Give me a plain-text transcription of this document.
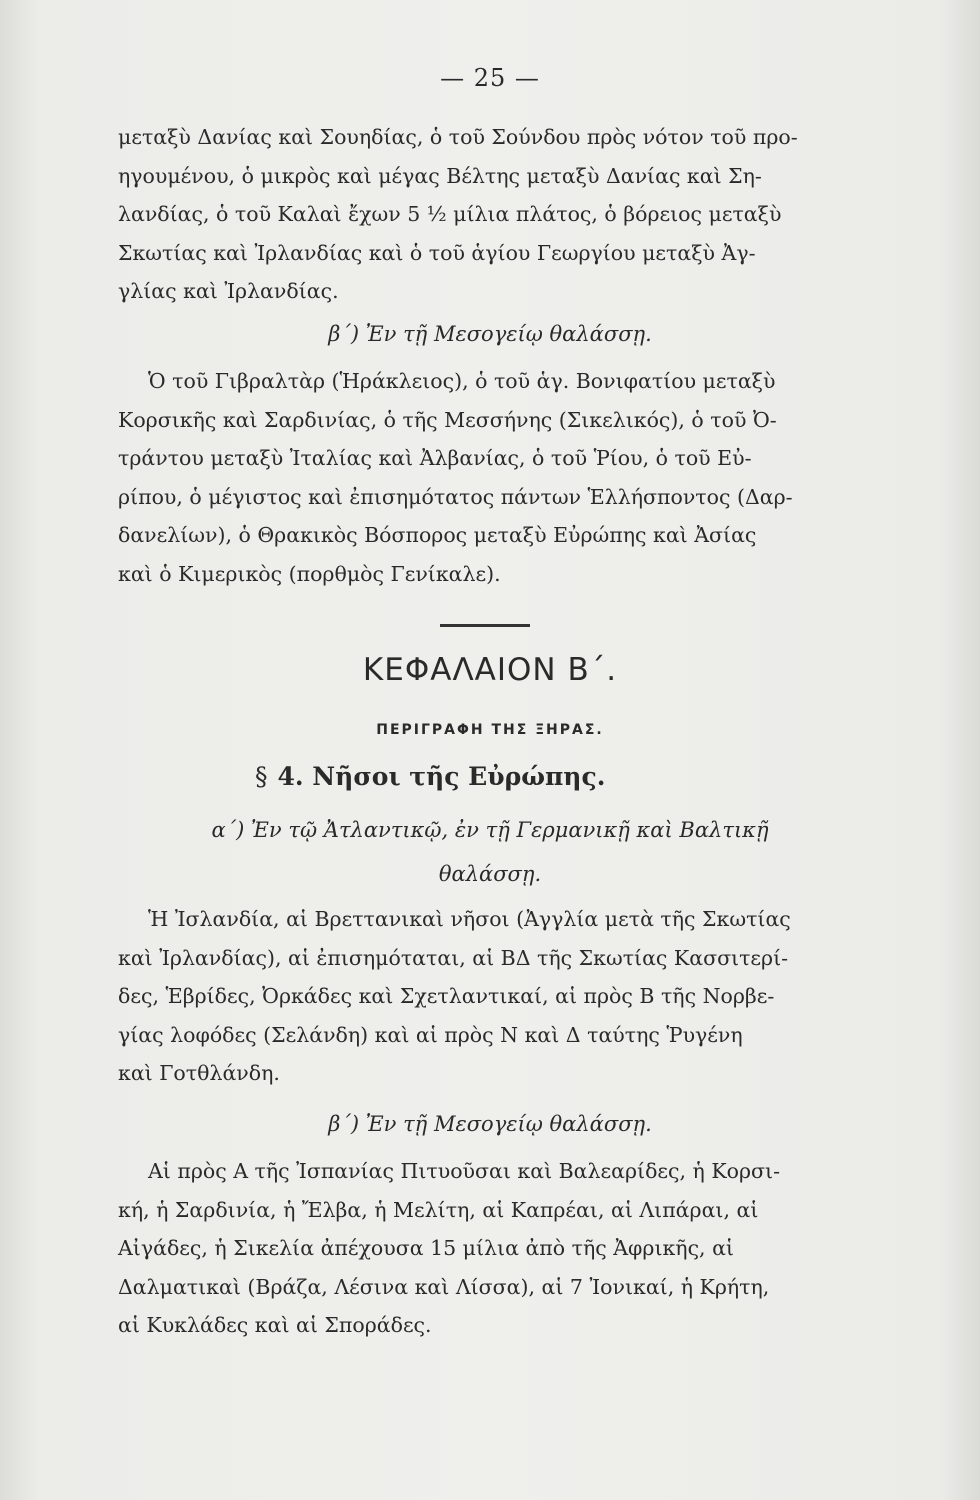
— 25 —
μεταξὺ Δανίας καὶ Σουηδίας, ὁ τοῦ Σούνδου πρὸς νότον τοῦ προ-
ηγουμένου, ὁ μικρὸς καὶ μέγας Βέλτης μεταξὺ Δανίας καὶ Ση-
λανδίας, ὁ τοῦ Καλαὶ ἔχων 5 ½ μίλια πλάτος, ὁ βόρειος μεταξὺ
Σκωτίας καὶ Ἰρλανδίας καὶ ὁ τοῦ ἁγίου Γεωργίου μεταξὺ Ἀγ-
γλίας καὶ Ἰρλανδίας.
β΄) Ἐν τῇ Μεσογείῳ θαλάσσῃ.
Ὁ τοῦ Γιβραλτὰρ (Ἡράκλειος), ὁ τοῦ ἁγ. Βονιφατίου μεταξὺ
Κορσικῆς καὶ Σαρδινίας, ὁ τῆς Μεσσήνης (Σικελικός), ὁ τοῦ Ὀ-
τράντου μεταξὺ Ἰταλίας καὶ Ἀλβανίας, ὁ τοῦ Ῥίου, ὁ τοῦ Εὐ-
ρίπου, ὁ μέγιστος καὶ ἐπισημότατος πάντων Ἑλλήσποντος (Δαρ-
δανελίων), ὁ Θρακικὸς Βόσπορος μεταξὺ Εὐρώπης καὶ Ἀσίας
καὶ ὁ Κιμερικὸς (πορθμὸς Γενίκαλε).
ΚΕΦΑΛΑΙΟΝ Β΄.
ΠΕΡΙΓΡΑΦΗ ΤΗΣ ΞΗΡΑΣ.
§ 4. Νῆσοι τῆς Εὐρώπης.
α΄) Ἐν τῷ Ἀτλαντικῷ, ἐν τῇ Γερμανικῇ καὶ Βαλτικῇ
θαλάσσῃ.
Ἡ Ἰσλανδία, αἱ Βρεττανικαὶ νῆσοι (Ἀγγλία μετὰ τῆς Σκωτίας
καὶ Ἰρλανδίας), αἱ ἐπισημόταται, αἱ ΒΔ τῆς Σκωτίας Κασσιτερί-
δες, Ἑβρίδες, Ὀρκάδες καὶ Σχετλαντικαί, αἱ πρὸς Β τῆς Νορβε-
γίας λοφόδες (Σελάνδη) καὶ αἱ πρὸς Ν καὶ Δ ταύτης Ῥυγένη
καὶ Γοτθλάνδη.
β΄) Ἐν τῇ Μεσογείῳ θαλάσσῃ.
Αἱ πρὸς Α τῆς Ἰσπανίας Πιτυοῦσαι καὶ Βαλεαρίδες, ἡ Κορσι-
κή, ἡ Σαρδινία, ἡ Ἔλβα, ἡ Μελίτη, αἱ Καπρέαι, αἱ Λιπάραι, αἱ
Αἰγάδες, ἡ Σικελία ἀπέχουσα 15 μίλια ἀπὸ τῆς Ἀφρικῆς, αἱ
Δαλματικαὶ (Βράζα, Λέσινα καὶ Λίσσα), αἱ 7 Ἰονικαί, ἡ Κρήτη,
αἱ Κυκλάδες καὶ αἱ Σποράδες.
